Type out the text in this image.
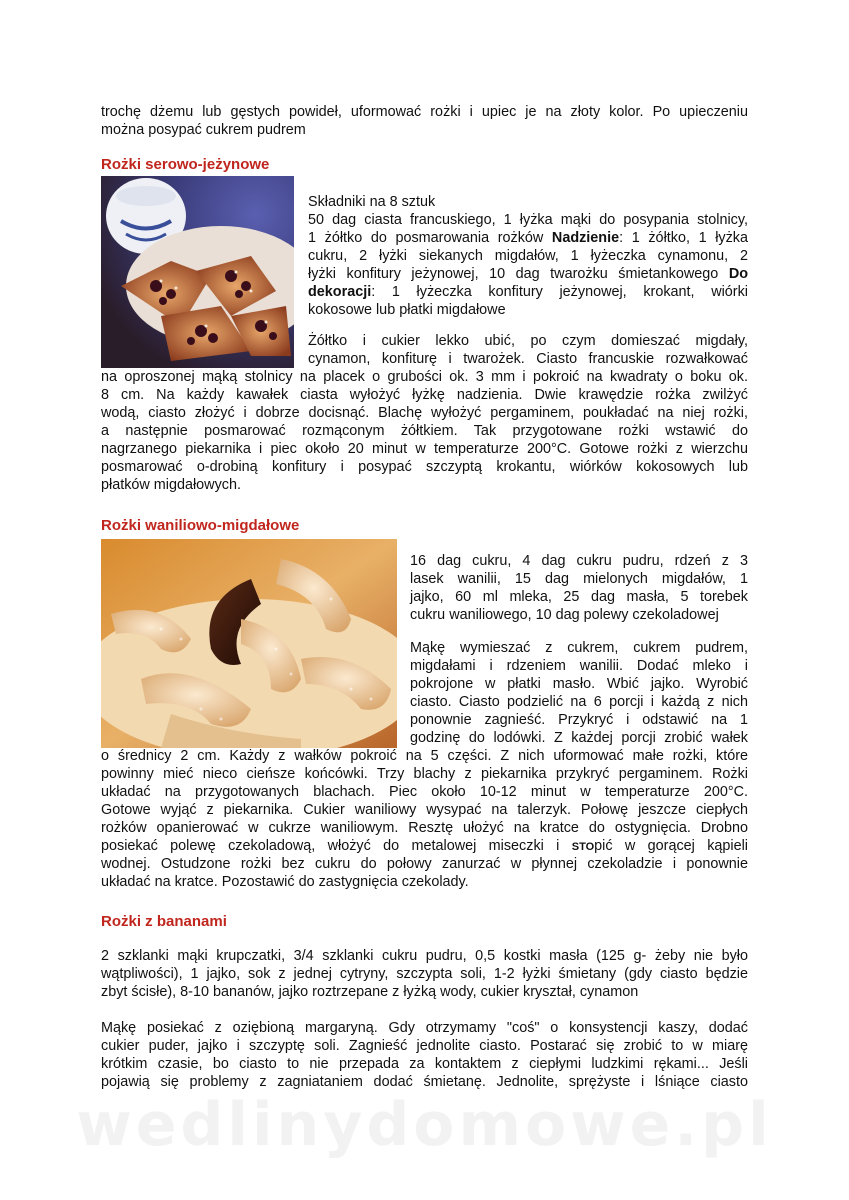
trochę dżemu lub gęstych powideł, uformować rożki i upiec je na złoty kolor. Po upieczeniu
można posypać cukrem pudrem
Rożki serowo-jeżynowe
Składniki na 8 sztuk
50 dag ciasta francuskiego, 1 łyżka mąki do posypania stolnicy,
1 żółtko do posmarowania rożków Nadzienie: 1 żółtko, 1 łyżka
cukru, 2 łyżki siekanych migdałów, 1 łyżeczka cynamonu, 2
łyżki konfitury jeżynowej, 10 dag twarożku śmietankowego Do
dekoracji: 1 łyżeczka konfitury jeżynowej, krokant, wiórki
kokosowe lub płatki migdałowe
Żółtko i cukier lekko ubić, po czym domieszać migdały,
cynamon, konfiturę i twarożek. Ciasto francuskie rozwałkować
na oproszonej mąką stolnicy na placek o grubości ok. 3 mm i pokroić na kwadraty o boku ok.
8 cm. Na każdy kawałek ciasta wyłożyć łyżkę nadzienia. Dwie krawędzie rożka zwilżyć
wodą, ciasto złożyć i dobrze docisnąć. Blachę wyłożyć pergaminem, poukładać na niej rożki,
a następnie posmarować rozmąconym żółtkiem. Tak przygotowane rożki wstawić do
nagrzanego piekarnika i piec około 20 minut w temperaturze 200°C. Gotowe rożki z wierzchu
posmarować o-drobiną konfitury i posypać szczyptą krokantu, wiórków kokosowych lub
płatków migdałowych.
Rożki waniliowo-migdałowe
16 dag cukru, 4 dag cukru pudru, rdzeń z 3
lasek wanilii, 15 dag mielonych migdałów, 1
jajko, 60 ml mleka, 25 dag masła, 5 torebek
cukru waniliowego, 10 dag polewy czekoladowej
Mąkę wymieszać z cukrem, cukrem pudrem,
migdałami i rdzeniem wanilii. Dodać mleko i
pokrojone w płatki masło. Wbić jajko. Wyrobić
ciasto. Ciasto podzielić na 6 porcji i każdą z nich
ponownie zagnieść. Przykryć i odstawić na 1
godzinę do lodówki. Z każdej porcji zrobić wałek
o średnicy 2 cm. Każdy z wałków pokroić na 5 części. Z nich uformować małe rożki, które
powinny mieć nieco cieńsze końcówki. Trzy blachy z piekarnika przykryć pergaminem. Rożki
układać na przygotowanych blachach. Piec około 10-12 minut w temperaturze 200°C.
Gotowe wyjąć z piekarnika. Cukier waniliowy wysypać na talerzyk. Połowę jeszcze ciepłych
rożków opanierować w cukrze waniliowym. Resztę ułożyć na kratce do ostygnięcia. Drobno
posiekać polewę czekoladową, włożyć do metalowej miseczki i STOpić w gorącej kąpieli
wodnej. Ostudzone rożki bez cukru do połowy zanurzać w płynnej czekoladzie i ponownie
układać na kratce. Pozostawić do zastygnięcia czekolady.
Rożki z bananami
2 szklanki mąki krupczatki, 3/4 szklanki cukru pudru, 0,5 kostki masła (125 g- żeby nie było
wątpliwości), 1 jajko, sok z jednej cytryny, szczypta soli, 1-2 łyżki śmietany (gdy ciasto będzie
zbyt ścisłe), 8-10 bananów, jajko roztrzepane z łyżką wody, cukier kryształ, cynamon
Mąkę posiekać z oziębioną margaryną. Gdy otrzymamy "coś" o konsystencji kaszy, dodać
cukier puder, jajko i szczyptę soli. Zagnieść jednolite ciasto. Postarać się zrobić to w miarę
krótkim czasie, bo ciasto to nie przepada za kontaktem z ciepłymi ludzkimi rękami... Jeśli
pojawią się problemy z zagniataniem dodać śmietanę. Jednolite, sprężyste i lśniące ciasto
wedlinydomowe.pl
